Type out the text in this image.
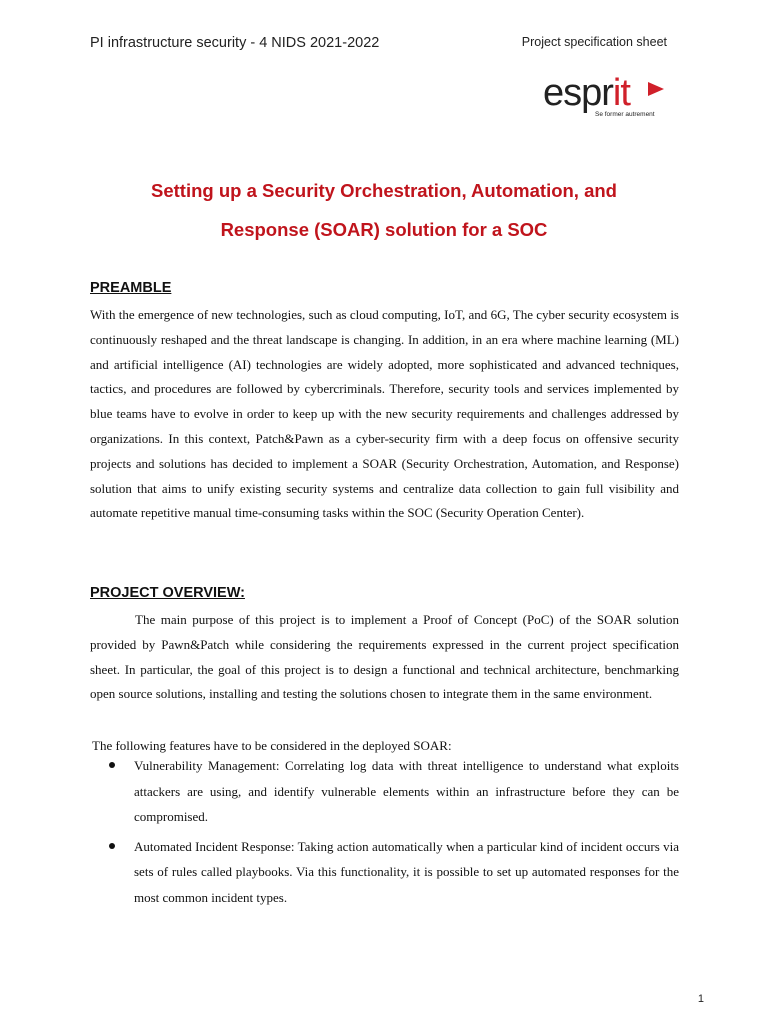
PI infrastructure security - 4 NIDS 2021-2022	Project specification sheet
esprit
Se former autrement
Setting up a Security Orchestration, Automation, and
Response (SOAR) solution for a SOC
PREAMBLE

With the emergence of new technologies, such as cloud computing, IoT, and 6G, The cyber security ecosystem is continuously reshaped and the threat landscape is changing. In addition, in an era where machine learning (ML) and artificial intelligence (AI) technologies are widely adopted, more sophisticated and advanced techniques, tactics, and procedures are followed by cybercriminals. Therefore, security tools and services implemented by blue teams have to evolve in order to keep up with the new security requirements and challenges addressed by organizations. In this context, Patch&Pawn as a cyber-security firm with a deep focus on offensive security projects and solutions has decided to implement a SOAR (Security Orchestration, Automation, and Response) solution that aims to unify existing security systems and centralize data collection to gain full visibility and automate repetitive manual time-consuming tasks within the SOC (Security Operation Center).

PROJECT OVERVIEW:

The main purpose of this project is to implement a Proof of Concept (PoC) of the SOAR solution provided by Pawn&Patch while considering the requirements expressed in the current project specification sheet. In particular, the goal of this project is to design a functional and technical architecture, benchmarking open source solutions, installing and testing the solutions chosen to integrate them in the same environment.

The following features have to be considered in the deployed SOAR:

Vulnerability Management: Correlating log data with threat intelligence to understand what exploits attackers are using, and identify vulnerable elements within an infrastructure before they can be compromised.
Automated Incident Response: Taking action automatically when a particular kind of incident occurs via sets of rules called playbooks. Via this functionality, it is possible to set up automated responses for the most common incident types.
1
